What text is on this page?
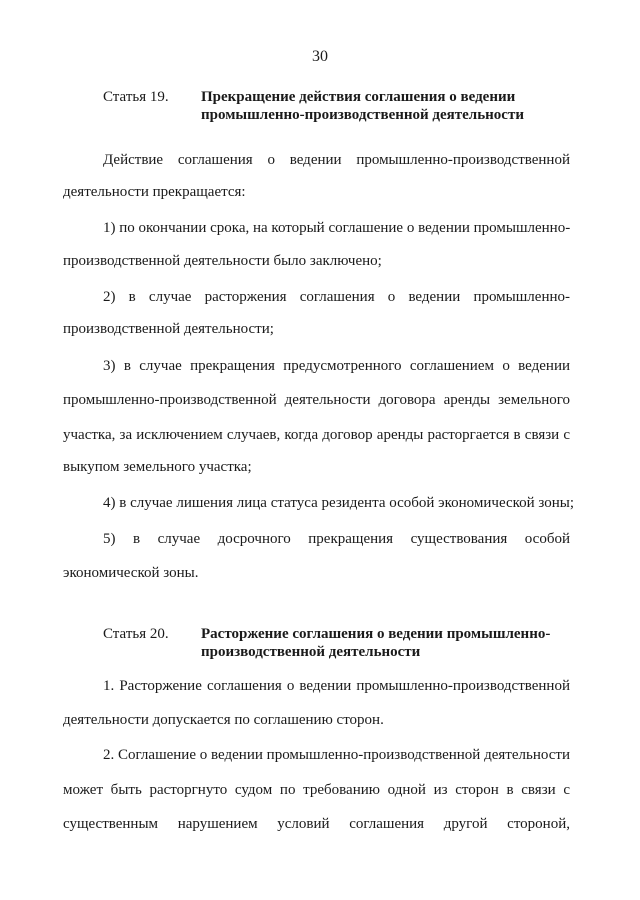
30
Статья 19.	Прекращение действия соглашения о ведении
промышленно-производственной деятельности
Действие соглашения о ведении промышленно-производственной
деятельности прекращается:
1) по окончании срока, на который соглашение о ведении промышленно-
производственной деятельности было заключено;
2) в случае расторжения соглашения о ведении промышленно-
производственной деятельности;
3) в случае прекращения предусмотренного соглашением о ведении
промышленно-производственной деятельности договора аренды земельного
участка, за исключением случаев, когда договор аренды расторгается в связи с
выкупом земельного участка;
4) в случае лишения лица статуса резидента особой экономической зоны;
5) в случае досрочного прекращения существования особой
экономической зоны.
Статья 20.	Расторжение соглашения о ведении промышленно-
производственной деятельности
1. Расторжение соглашения о ведении промышленно-производственной
деятельности допускается по соглашению сторон.
2. Соглашение о ведении промышленно-производственной деятельности
может быть расторгнуто судом по требованию одной из сторон в связи с
существенным нарушением условий соглашения другой стороной,
